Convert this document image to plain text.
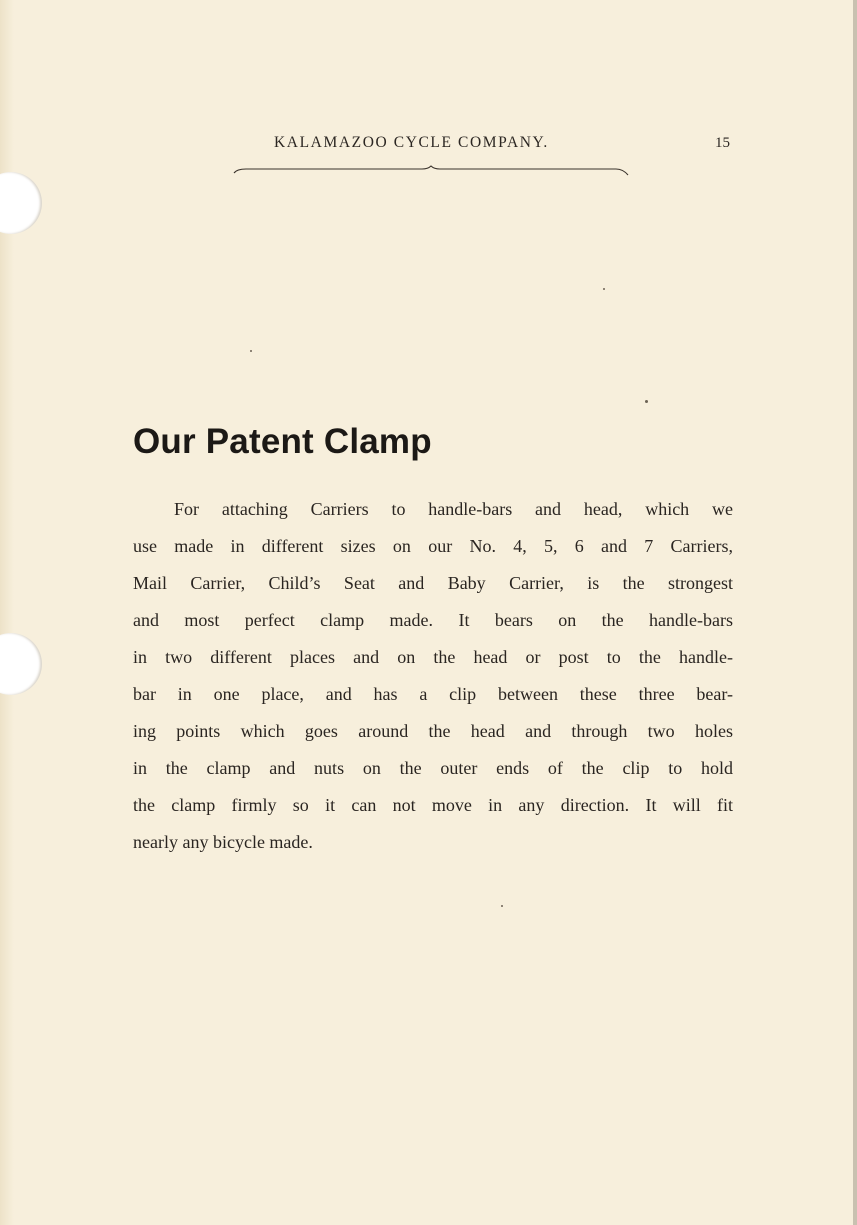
KALAMAZOO CYCLE COMPANY.	15
Our Patent Clamp
For attaching Carriers to handle-bars and head, which we
use made in different sizes on our No. 4, 5, 6 and 7 Carriers,
Mail Carrier, Child’s Seat and Baby Carrier, is the strongest
and most perfect clamp made. It bears on the handle-bars
in two different places and on the head or post to the handle-
bar in one place, and has a clip between these three bear-
ing points which goes around the head and through two holes
in the clamp and nuts on the outer ends of the clip to hold
the clamp firmly so it can not move in any direction. It will fit
nearly any bicycle made.
